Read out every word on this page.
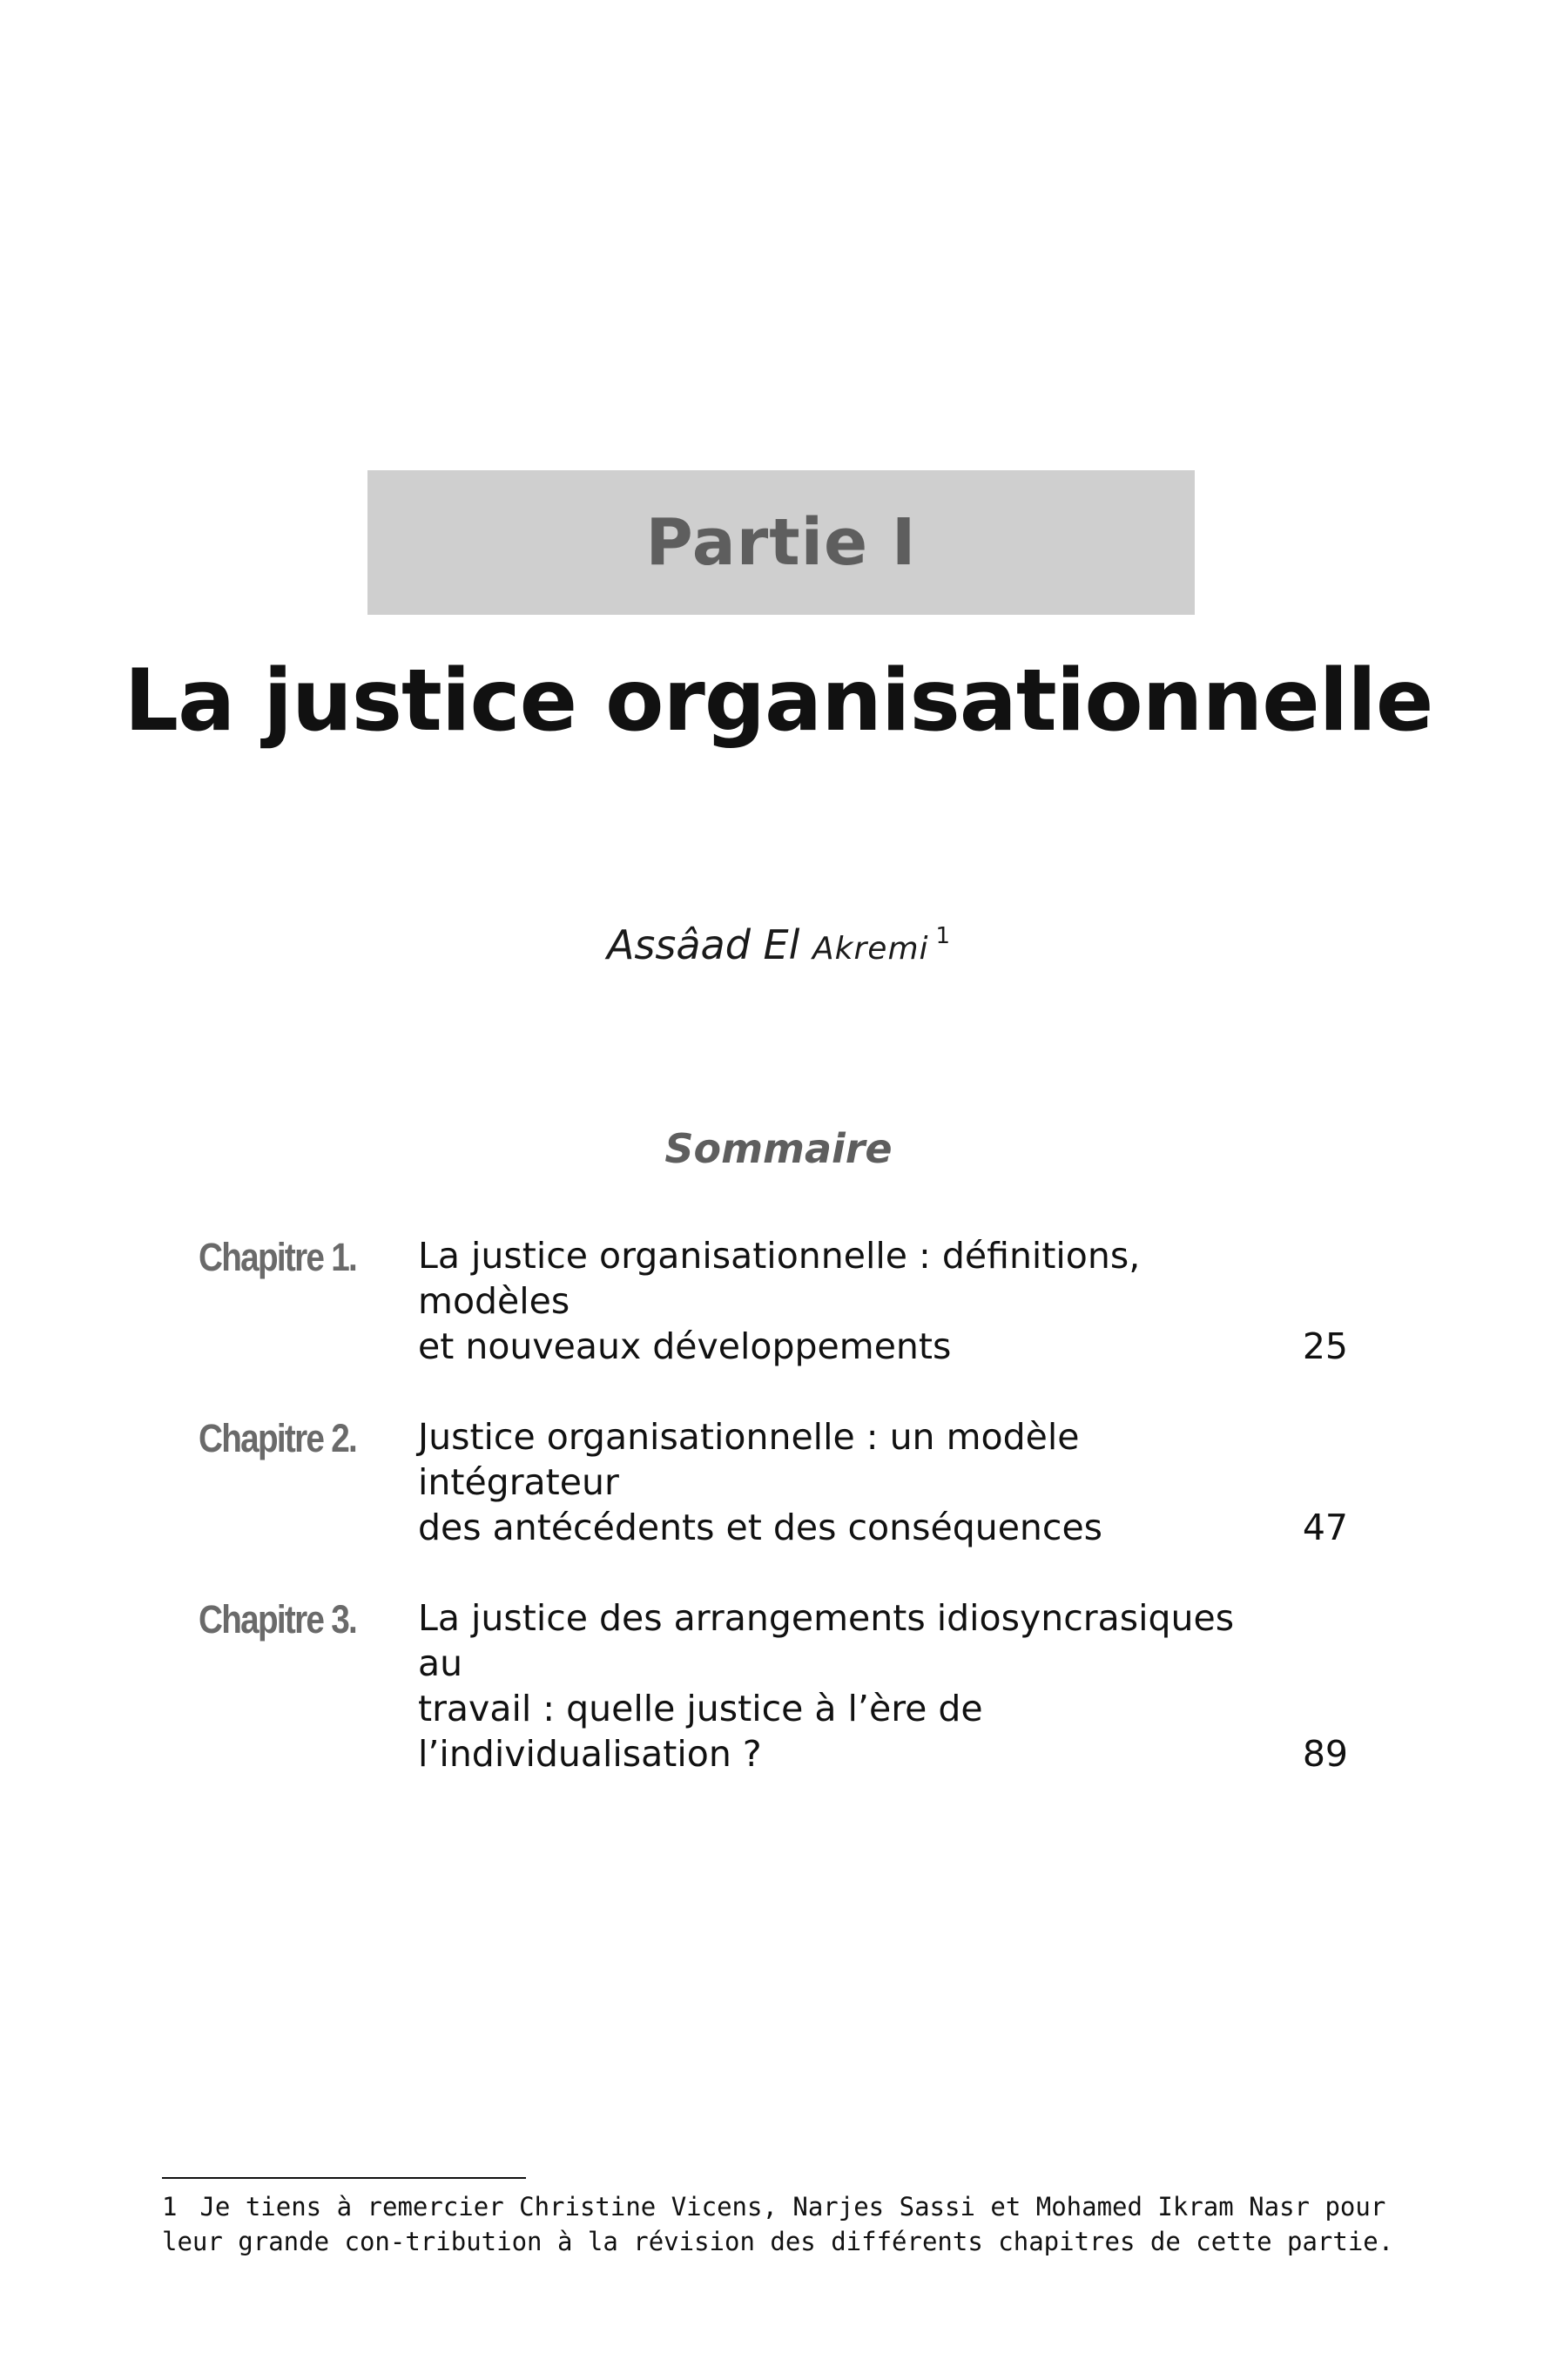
Partie I
La justice organisationnelle
Assâad El Akremi $^1$
Sommaire
Chapitre 1. La justice organisationnelle : définitions, modèles
et nouveaux développements	25
Chapitre 2. Justice organisationnelle : un modèle intégrateur
des antécédents et des conséquences	47
Chapitre 3. La justice des arrangements idiosyncrasiques au
travail : quelle justice à l’ère de
l’individualisation ?	89
1 Je tiens à remercier Christine Vicens, Narjes Sassi et Mohamed Ikram Nasr pour leur grande con-tribution à la révision des différents chapitres de cette partie.
